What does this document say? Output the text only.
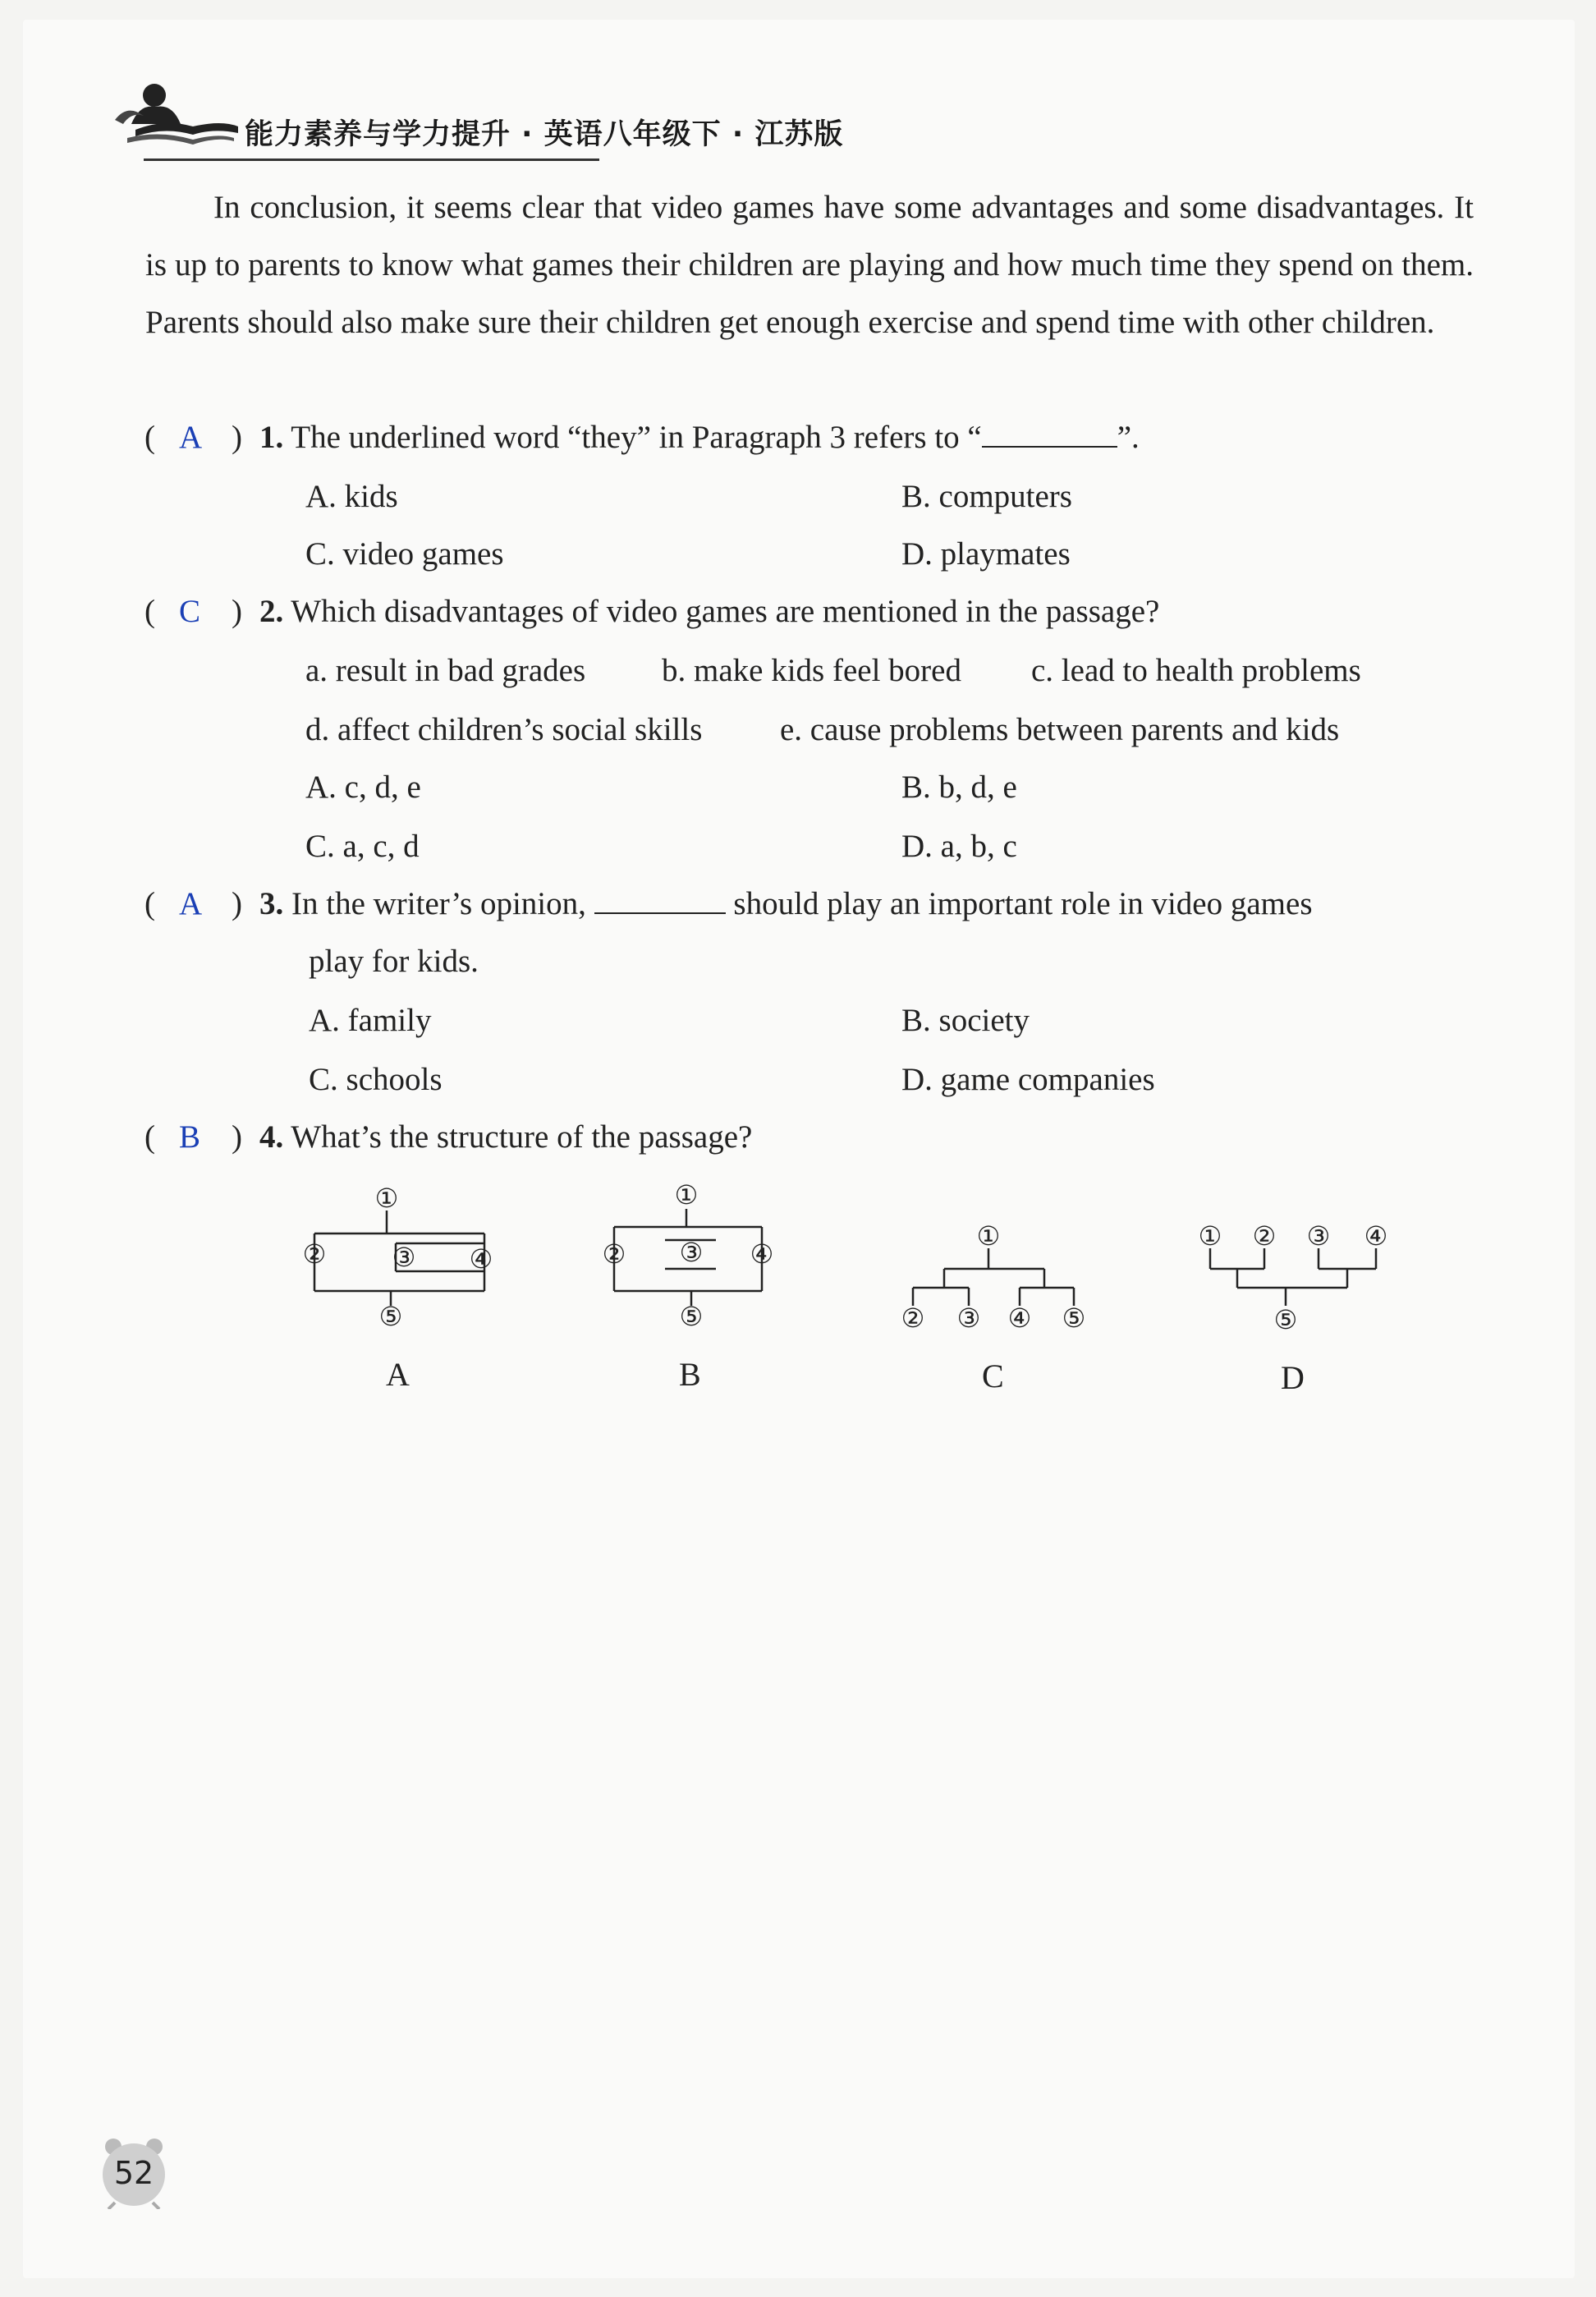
能力素养与学力提升 · 英语八年级下 · 江苏版
In conclusion, it seems clear that video games have some advantages and some disadvantages. It is up to parents to know what games their children are playing and how much time they spend on them. Parents should also make sure their children get enough exercise and spend time with other children.
( A ) 1. The underlined word “they” in Paragraph 3 refers to “	”.
A. kids	B. computers
C. video games	D. playmates
( C ) 2. Which disadvantages of video games are mentioned in the passage?
a. result in bad grades b. make kids feel bored c. lead to health problems
d. affect children’s social skills e. cause problems between parents and kids
A. c, d, e	B. b, d, e
C. a, c, d	D. a, b, c
( A ) 3. In the writer’s opinion,	should play an important role in video games
play for kids.
A. family	B. society
C. schools	D. game companies
( B ) 4. What’s the structure of the passage?
①
②	③ ④
⑤
①
② ③ ④
⑤
①
② ③ ④ ⑤
① ② ③ ④
⑤
A	B	C	D
52
